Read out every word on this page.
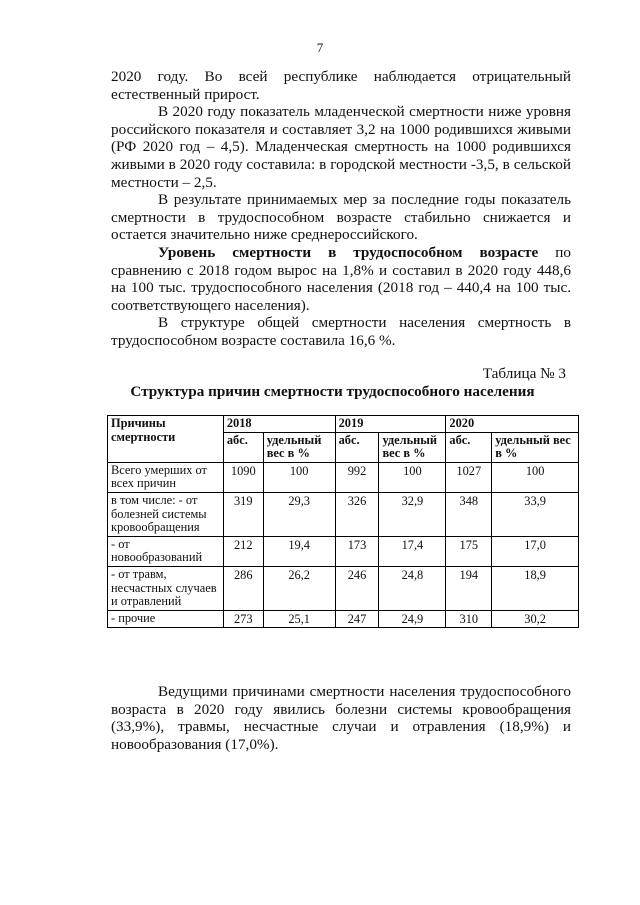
7

2020 году. Во всей республике наблюдается отрицательный естественный прирост.

В 2020 году показатель младенческой смертности ниже уровня российского показателя и составляет 3,2 на 1000 родившихся живыми (РФ 2020 год – 4,5). Младенческая смертность на 1000 родившихся живыми в 2020 году составила: в городской местности -3,5, в сельской местности – 2,5.

В результате принимаемых мер за последние годы показатель смертности в трудоспособном возрасте стабильно снижается и остается значительно ниже среднероссийского.

Уровень смертности в трудоспособном возрасте по сравнению с 2018 годом вырос на 1,8% и составил в 2020 году 448,6 на 100 тыс. трудоспособного населения (2018 год – 440,4 на 100 тыс. соответствующего населения).

В структуре общей смертности населения смертность в трудоспособном возрасте составила 16,6 %.

Таблица № 3
Структура причин смертности трудоспособного населения
Причины смертности	2018		2019		2020	
	абс.	удельный вес в %	абс.	удельный вес в %	абс.	удельный вес в %
Всего умерших от всех причин	1090	100	992	100	1027	100
в том числе: - от болезней системы кровообращения	319	29,3	326	32,9	348	33,9
- от новообразований	212	19,4	173	17,4	175	17,0
- от травм, несчастных случаев и отравлений	286	26,2	246	24,8	194	18,9
- прочие	273	25,1	247	24,9	310	30,2

Ведущими причинами смертности населения трудоспособного возраста в 2020 году явились болезни системы кровообращения (33,9%), травмы, несчастные случаи и отравления (18,9%) и новообразования (17,0%).
